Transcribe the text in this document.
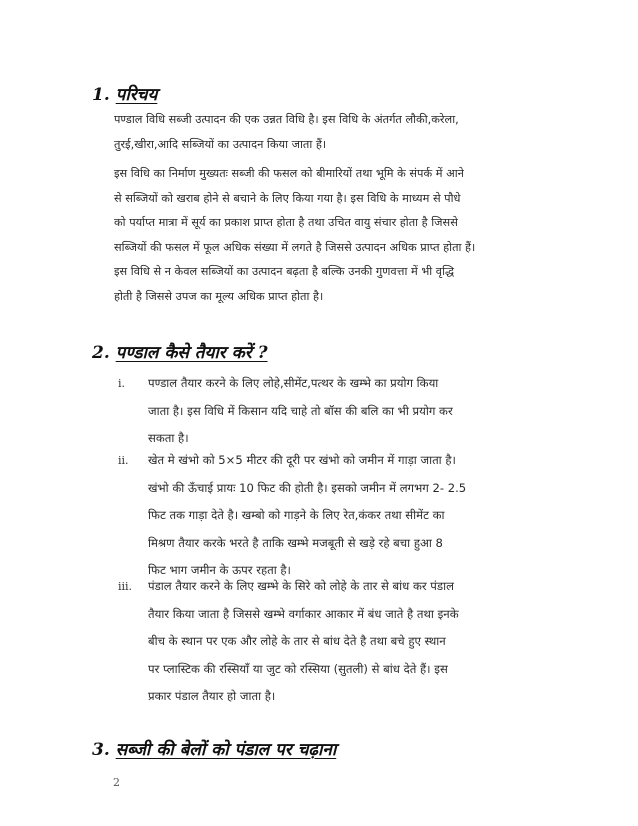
1. परिचय
पण्डाल विधि सब्जी उत्पादन की एक उन्नत विधि है। इस विधि के अंतर्गत लौकी,करेला,
तुरई,खीरा,आदि सब्जियों का उत्पादन किया जाता हैं।
इस विधि का निर्माण मुख्यतः सब्जी की फसल को बीमारियों तथा भूमि के संपर्क में आने
से सब्जियों को खराब होने से बचाने के लिए किया गया है। इस विधि के माध्यम से पौधे
को पर्याप्त मात्रा में सूर्य का प्रकाश प्राप्त होता है तथा उचित वायु संचार होता है जिससे
सब्जियों की फसल में फूल अधिक संख्या में लगते है जिससे उत्पादन अधिक प्राप्त होता हैं।
इस विधि से न केवल सब्जियों का उत्पादन बढ़ता है बल्कि उनकी गुणवत्ता में भी वृद्धि
होती है जिससे उपज का मूल्य अधिक प्राप्त होता है।
2. पण्डाल कैसे तैयार करें ?
i. पण्डाल तैयार करने के लिए लोहे,सीमेंट,पत्थर के खम्भे का प्रयोग किया
जाता है। इस विधि में किसान यदि चाहे तो बॉस की बलि का भी प्रयोग कर
सकता है।
ii. खेत मे खंभो को 5×5 मीटर की दूरी पर खंभो को जमीन में गाड़ा जाता है।
खंभो की ऊँचाई प्रायः 10 फिट की होती है। इसको जमीन में लगभग 2- 2.5
फिट तक गाड़ा देते है। खम्बो को गाड़ने के लिए रेत,कंकर तथा सीमेंट का
मिश्रण तैयार करके भरते है ताकि खम्भे मजबूती से खड़े रहे बचा हुआ 8
फिट भाग जमीन के ऊपर रहता है।
iii. पंडाल तैयार करने के लिए खम्भे के सिरे को लोहे के तार से बांध कर पंडाल
तैयार किया जाता है जिससे खम्भे वर्गाकार आकार में बंध जाते है तथा इनके
बीच के स्थान पर एक और लोहे के तार से बांध देते है तथा बचे हुए स्थान
पर प्लास्टिक की रस्सियाँ या जुट को रस्सिया (सुतली) से बांध देते हैं। इस
प्रकार पंडाल तैयार हो जाता है।
3. सब्जी की बेलों को पंडाल पर चढ़ाना
2
